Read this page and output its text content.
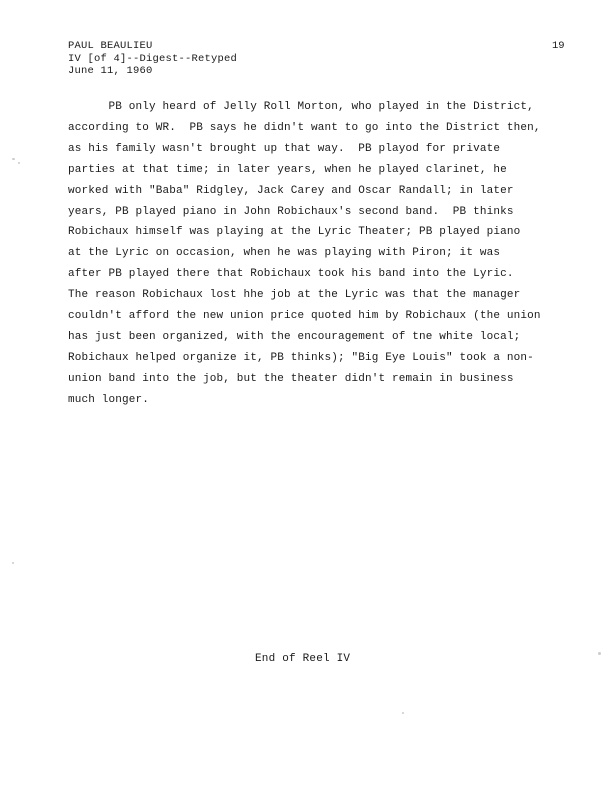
PAUL BEAULIEU
IV [of 4]--Digest--Retyped
June 11, 1960
19
PB only heard of Jelly Roll Morton, who played in the District,
according to WR.  PB says he didn't want to go into the District then,
as his family wasn't brought up that way.  PB playod for private
parties at that time; in later years, when he played clarinet, he
worked with "Baba" Ridgley, Jack Carey and Oscar Randall; in later
years, PB played piano in John Robichaux's second band.  PB thinks
Robichaux himself was playing at the Lyric Theater; PB played piano
at the Lyric on occasion, when he was playing with Piron; it was
after PB played there that Robichaux took his band into the Lyric.
The reason Robichaux lost hhe job at the Lyric was that the manager
couldn't afford the new union price quoted him by Robichaux (the union
has just been organized, with the encouragement of tne white local;
Robichaux helped organize it, PB thinks); "Big Eye Louis" took a non-
union band into the job, but the theater didn't remain in business
much longer.
End of Reel IV
